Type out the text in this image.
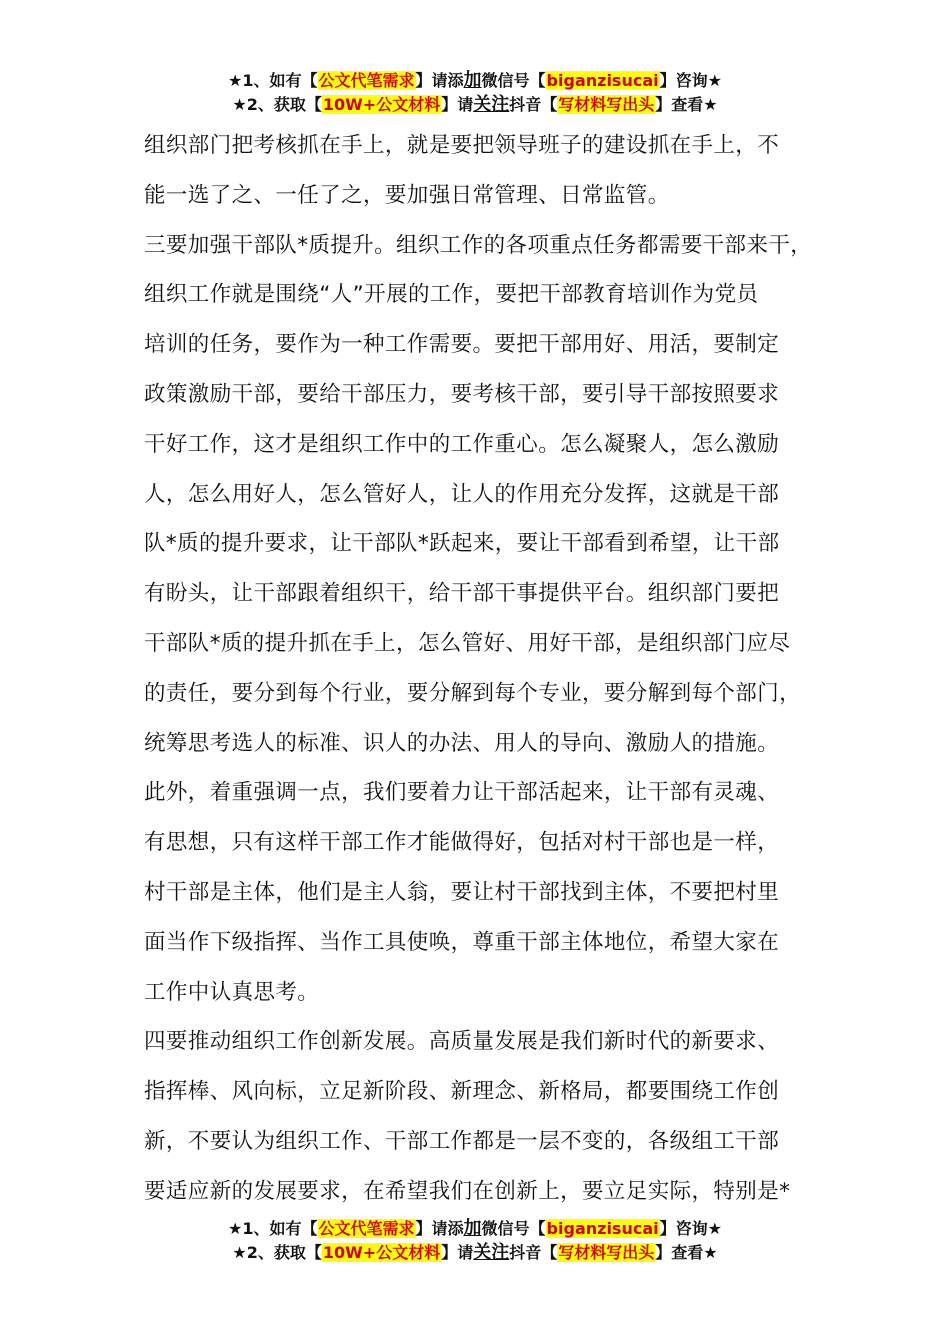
★1、如有【公文代笔需求】请添加微信号【biganzisucai】咨询★
★2、获取【10W+公文材料】请关注抖音【写材料写出头】查看★
组织部门把考核抓在手上，就是要把领导班子的建设抓在手上，不
能一选了之、一任了之，要加强日常管理、日常监管。
三要加强干部队*质提升。组织工作的各项重点任务都需要干部来干，
组织工作就是围绕“人”开展的工作，要把干部教育培训作为党员
培训的任务，要作为一种工作需要。要把干部用好、用活，要制定
政策激励干部，要给干部压力，要考核干部，要引导干部按照要求
干好工作，这才是组织工作中的工作重心。怎么凝聚人，怎么激励
人，怎么用好人，怎么管好人，让人的作用充分发挥，这就是干部
队*质的提升要求，让干部队*跃起来，要让干部看到希望，让干部
有盼头，让干部跟着组织干，给干部干事提供平台。组织部门要把
干部队*质的提升抓在手上，怎么管好、用好干部，是组织部门应尽
的责任，要分到每个行业，要分解到每个专业，要分解到每个部门，
统筹思考选人的标准、识人的办法、用人的导向、激励人的措施。
此外，着重强调一点，我们要着力让干部活起来，让干部有灵魂、
有思想，只有这样干部工作才能做得好，包括对村干部也是一样，
村干部是主体，他们是主人翁，要让村干部找到主体，不要把村里
面当作下级指挥、当作工具使唤，尊重干部主体地位，希望大家在
工作中认真思考。
四要推动组织工作创新发展。高质量发展是我们新时代的新要求、
指挥棒、风向标，立足新阶段、新理念、新格局，都要围绕工作创
新，不要认为组织工作、干部工作都是一层不变的，各级组工干部
要适应新的发展要求，在希望我们在创新上，要立足实际，特别是*
★1、如有【公文代笔需求】请添加微信号【biganzisucai】咨询★
★2、获取【10W+公文材料】请关注抖音【写材料写出头】查看★
